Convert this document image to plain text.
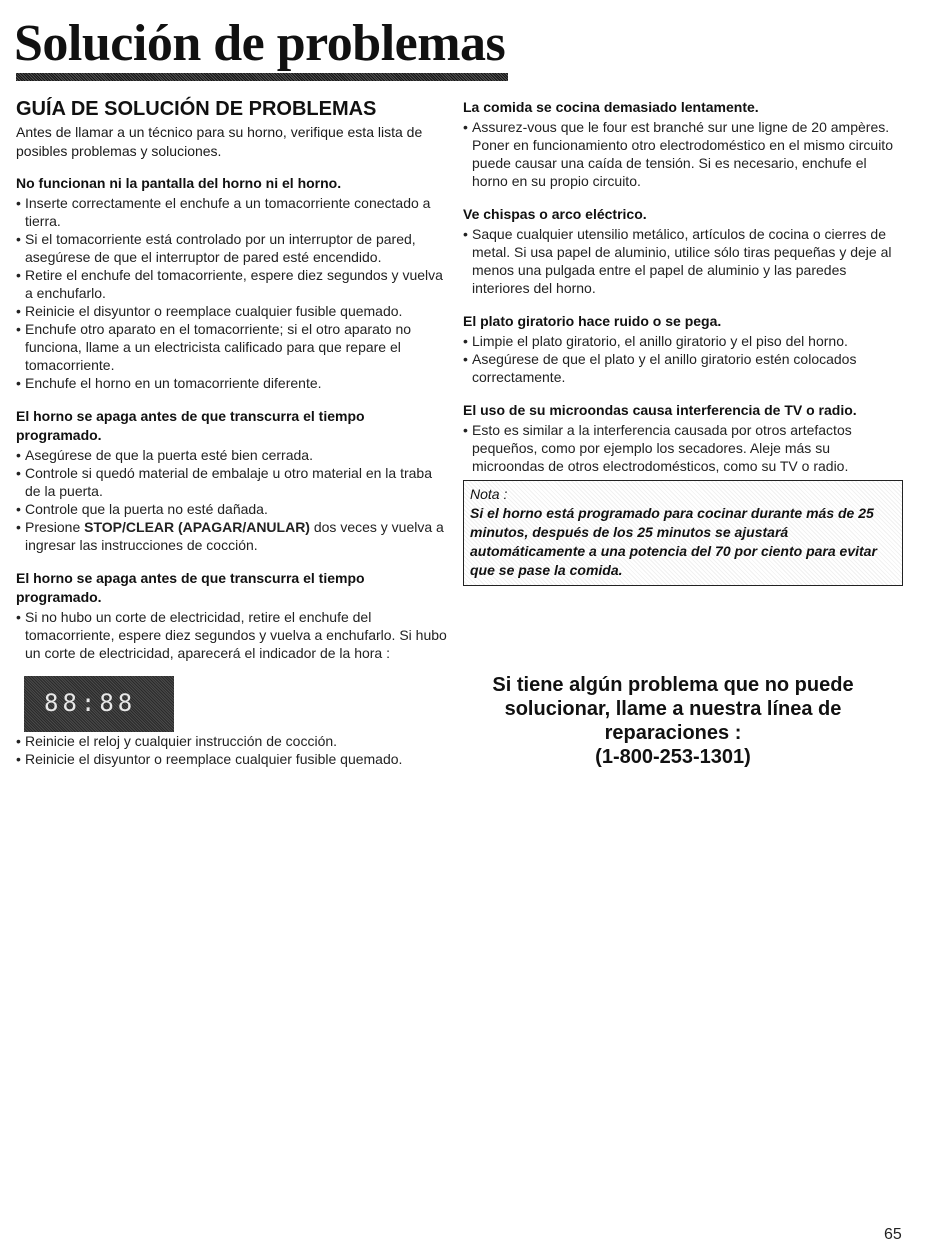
Solución de problemas
GUÍA DE SOLUCIÓN DE PROBLEMAS

Antes de llamar a un técnico para su horno, verifique esta lista de posibles problemas y soluciones.

No funcionan ni la pantalla del horno ni el horno.

• Inserte correctamente el enchufe a un tomacorriente conectado a tierra.
• Si el tomacorriente está controlado por un interruptor de pared, asegúrese de que el interruptor de pared esté encendido.
• Retire el enchufe del tomacorriente, espere diez segundos y vuelva a enchufarlo.
• Reinicie el disyuntor o reemplace cualquier fusible quemado.
• Enchufe otro aparato en el tomacorriente; si el otro aparato no funciona, llame a un electricista calificado para que repare el tomacorriente.
• Enchufe el horno en un tomacorriente diferente.

El horno se apaga antes de que transcurra el tiempo programado.

• Asegúrese de que la puerta esté bien cerrada.
• Controle si quedó material de embalaje u otro material en la traba de la puerta.
• Controle que la puerta no esté dañada.
• Presione STOP/CLEAR (APAGAR/ANULAR) dos veces y vuelva a ingresar las instrucciones de cocción.

El horno se apaga antes de que transcurra el tiempo programado.

• Si no hubo un corte de electricidad, retire el enchufe del tomacorriente, espere diez segundos y vuelva a enchufarlo. Si hubo un corte de electricidad, aparecerá el indicador de la hora :
88:88
• Reinicie el reloj y cualquier instrucción de cocción.
• Reinicie el disyuntor o reemplace cualquier fusible quemado.

La comida se cocina demasiado lentamente.

• Assurez-vous que le four est branché sur une ligne de 20 ampères. Poner en funcionamiento otro electrodoméstico en el mismo circuito puede causar una caída de tensión. Si es necesario, enchufe el horno en su propio circuito.

Ve chispas o arco eléctrico.

• Saque cualquier utensilio metálico, artículos de cocina o cierres de metal. Si usa papel de aluminio, utilice sólo tiras pequeñas y deje al menos una pulgada entre el papel de aluminio y las paredes interiores del horno.

El plato giratorio hace ruido o se pega.

• Limpie el plato giratorio, el anillo giratorio y el piso del horno.
• Asegúrese de que el plato y el anillo giratorio estén colocados correctamente.

El uso de su microondas causa interferencia de TV o radio.

• Esto es similar a la interferencia causada por otros artefactos pequeños, como por ejemplo los secadores. Aleje más su microondas de otros electrodomésticos, como su TV o radio.

Nota :

Si el horno está programado para cocinar durante más de 25 minutos, después de los 25 minutos se ajustará automáticamente a una potencia del 70 por ciento para evitar que se pase la comida.

Si tiene algún problema que no puede solucionar, llame a nuestra línea de reparaciones :
(1-800-253-1301)

65
